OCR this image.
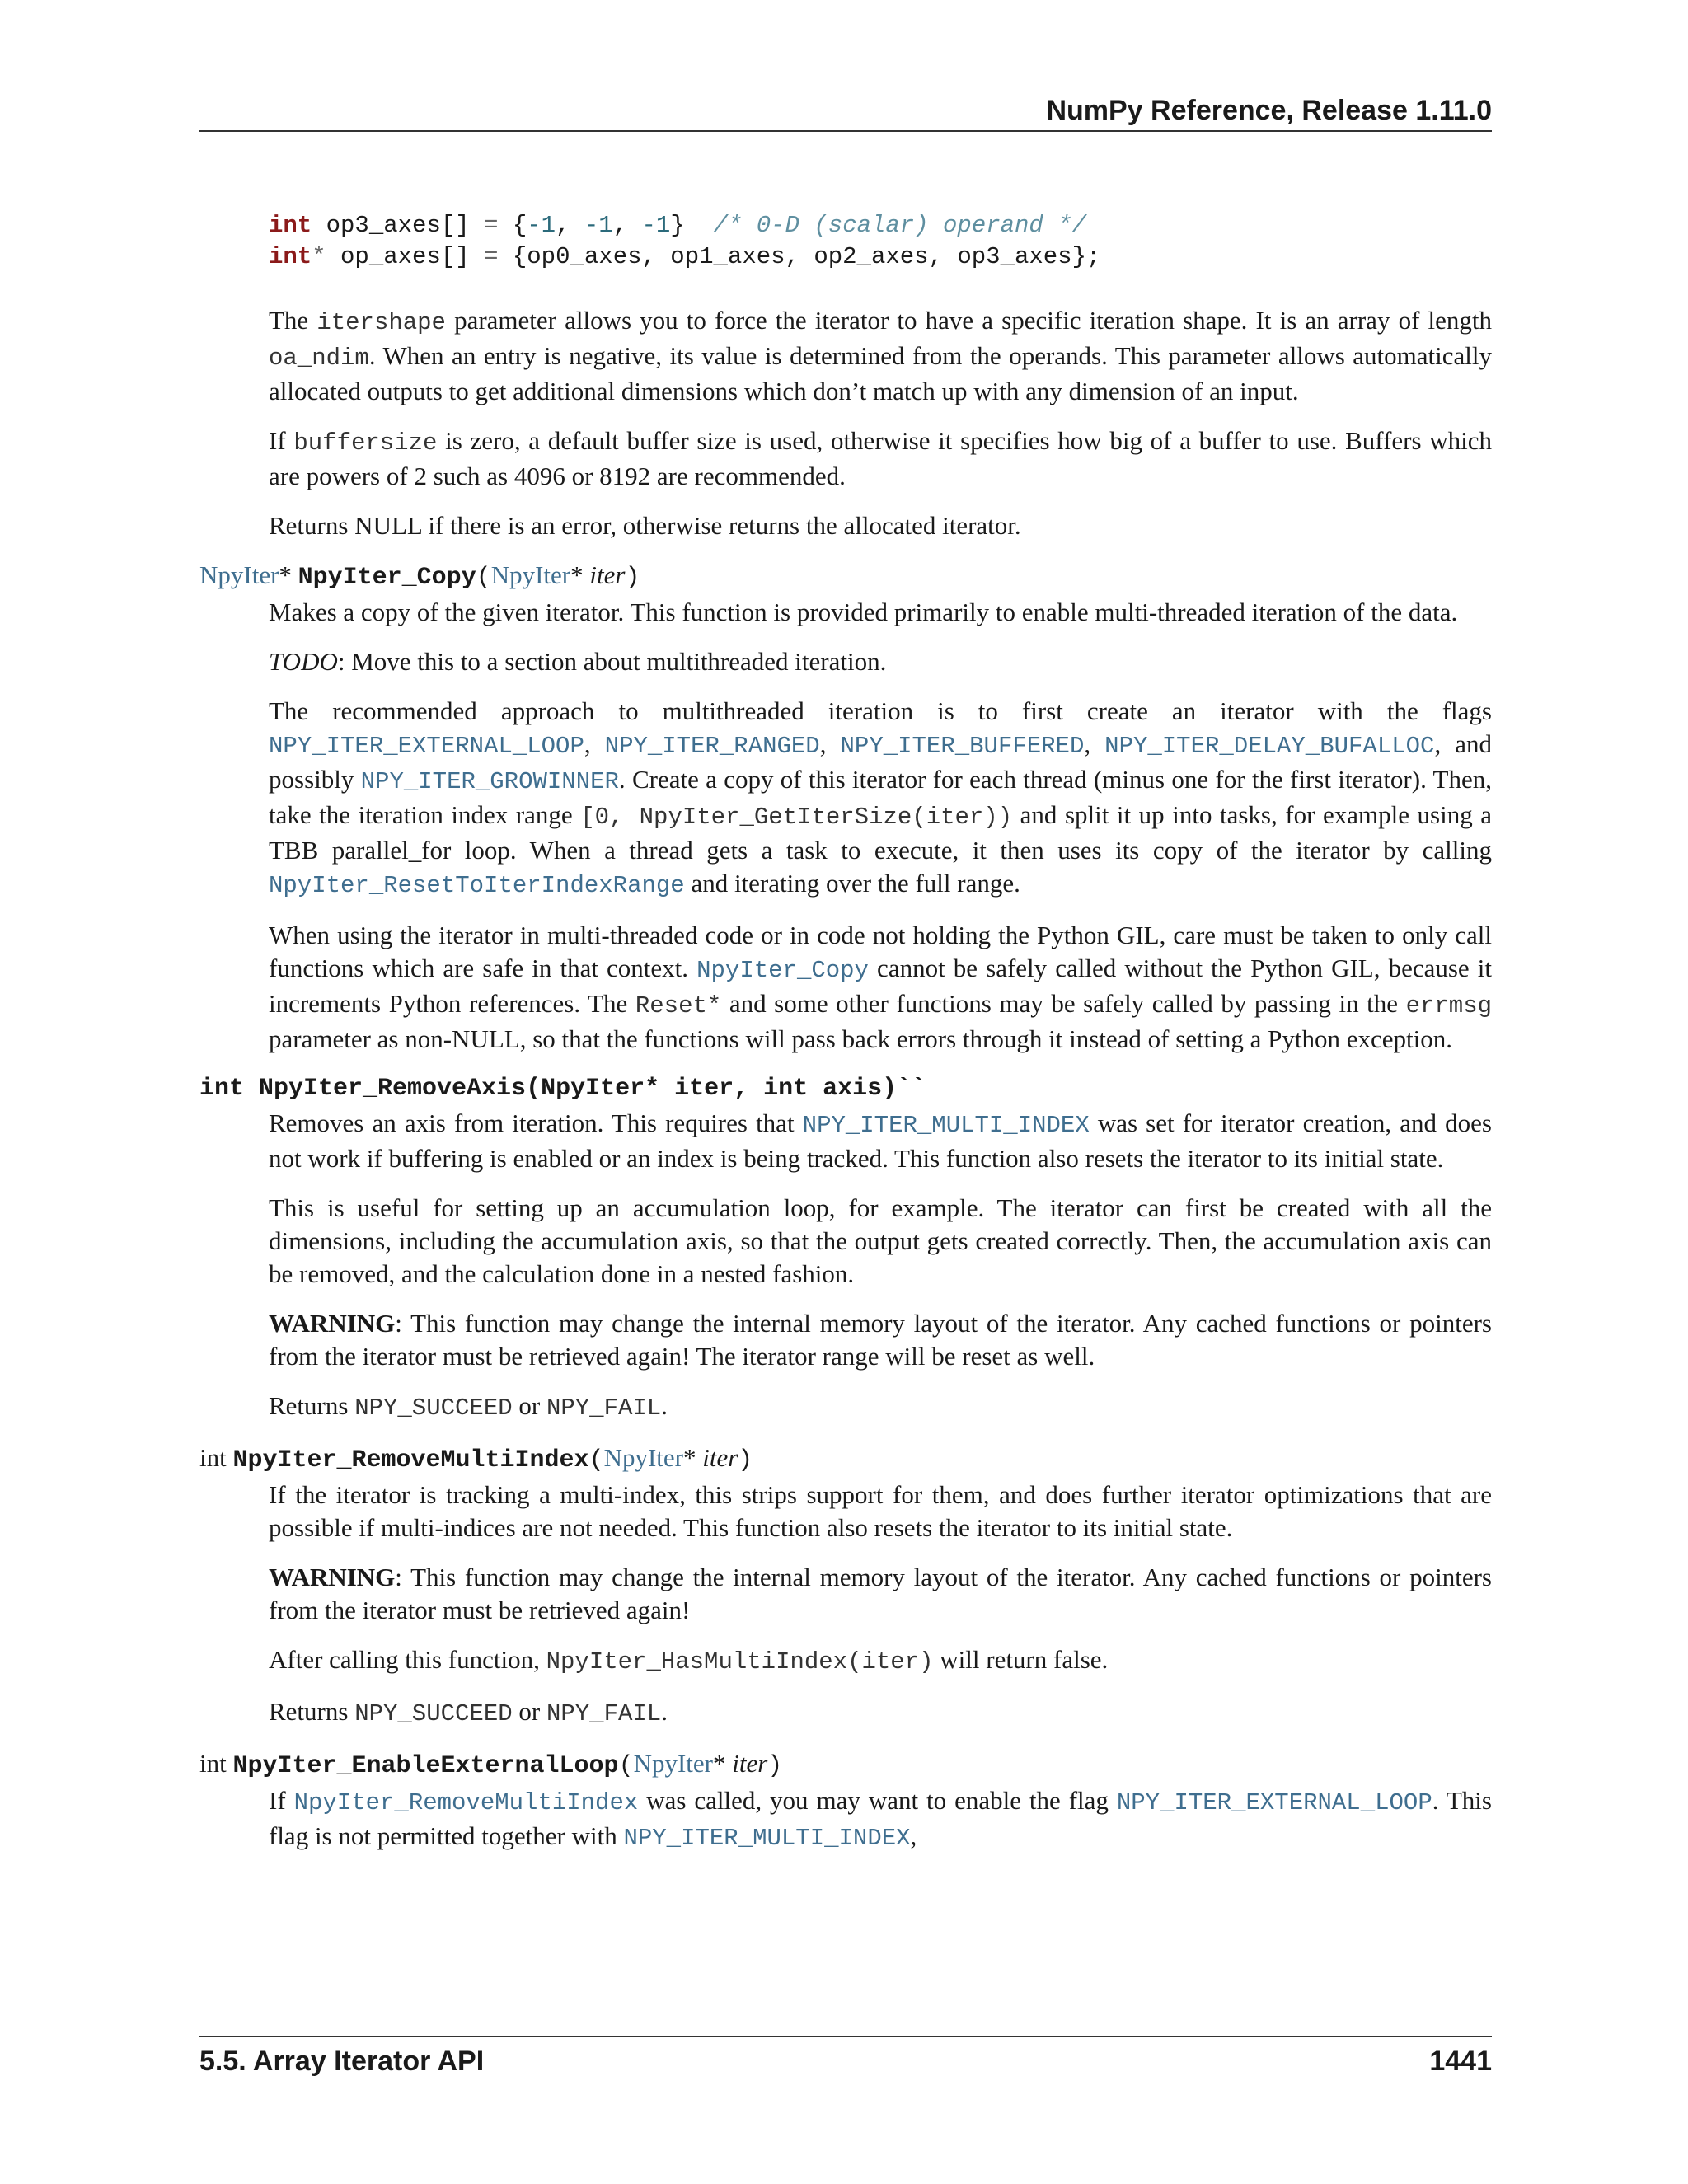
NumPy Reference, Release 1.11.0
int op3_axes[] = {-1, -1, -1}  /* 0-D (scalar) operand */
int* op_axes[] = {op0_axes, op1_axes, op2_axes, op3_axes};

The itershape parameter allows you to force the iterator to have a specific iteration shape. It is an array of length oa_ndim. When an entry is negative, its value is determined from the operands. This parameter allows automatically allocated outputs to get additional dimensions which don’t match up with any dimension of an input.

If buffersize is zero, a default buffer size is used, otherwise it specifies how big of a buffer to use. Buffers which are powers of 2 such as 4096 or 8192 are recommended.

Returns NULL if there is an error, otherwise returns the allocated iterator.

NpyIter* NpyIter_Copy(NpyIter* iter)

Makes a copy of the given iterator. This function is provided primarily to enable multi-threaded iteration of the data.

TODO: Move this to a section about multithreaded iteration.

The recommended approach to multithreaded iteration is to first create an iterator with the flags NPY_ITER_EXTERNAL_LOOP, NPY_ITER_RANGED, NPY_ITER_BUFFERED, NPY_ITER_DELAY_BUFALLOC, and possibly NPY_ITER_GROWINNER. Create a copy of this iterator for each thread (minus one for the first iterator). Then, take the iteration index range [0, NpyIter_GetIterSize(iter)) and split it up into tasks, for example using a TBB parallel_for loop. When a thread gets a task to execute, it then uses its copy of the iterator by calling NpyIter_ResetToIterIndexRange and iterating over the full range.

When using the iterator in multi-threaded code or in code not holding the Python GIL, care must be taken to only call functions which are safe in that context. NpyIter_Copy cannot be safely called without the Python GIL, because it increments Python references. The Reset* and some other functions may be safely called by passing in the errmsg parameter as non-NULL, so that the functions will pass back errors through it instead of setting a Python exception.

int NpyIter_RemoveAxis(NpyIter* iter, int axis)``

Removes an axis from iteration. This requires that NPY_ITER_MULTI_INDEX was set for iterator creation, and does not work if buffering is enabled or an index is being tracked. This function also resets the iterator to its initial state.

This is useful for setting up an accumulation loop, for example. The iterator can first be created with all the dimensions, including the accumulation axis, so that the output gets created correctly. Then, the accumulation axis can be removed, and the calculation done in a nested fashion.

WARNING: This function may change the internal memory layout of the iterator. Any cached functions or pointers from the iterator must be retrieved again! The iterator range will be reset as well.

Returns NPY_SUCCEED or NPY_FAIL.

int NpyIter_RemoveMultiIndex(NpyIter* iter)

If the iterator is tracking a multi-index, this strips support for them, and does further iterator optimizations that are possible if multi-indices are not needed. This function also resets the iterator to its initial state.

WARNING: This function may change the internal memory layout of the iterator. Any cached functions or pointers from the iterator must be retrieved again!

After calling this function, NpyIter_HasMultiIndex(iter) will return false.

Returns NPY_SUCCEED or NPY_FAIL.

int NpyIter_EnableExternalLoop(NpyIter* iter)

If NpyIter_RemoveMultiIndex was called, you may want to enable the flag NPY_ITER_EXTERNAL_LOOP. This flag is not permitted together with NPY_ITER_MULTI_INDEX,

5.5. Array Iterator API	1441
